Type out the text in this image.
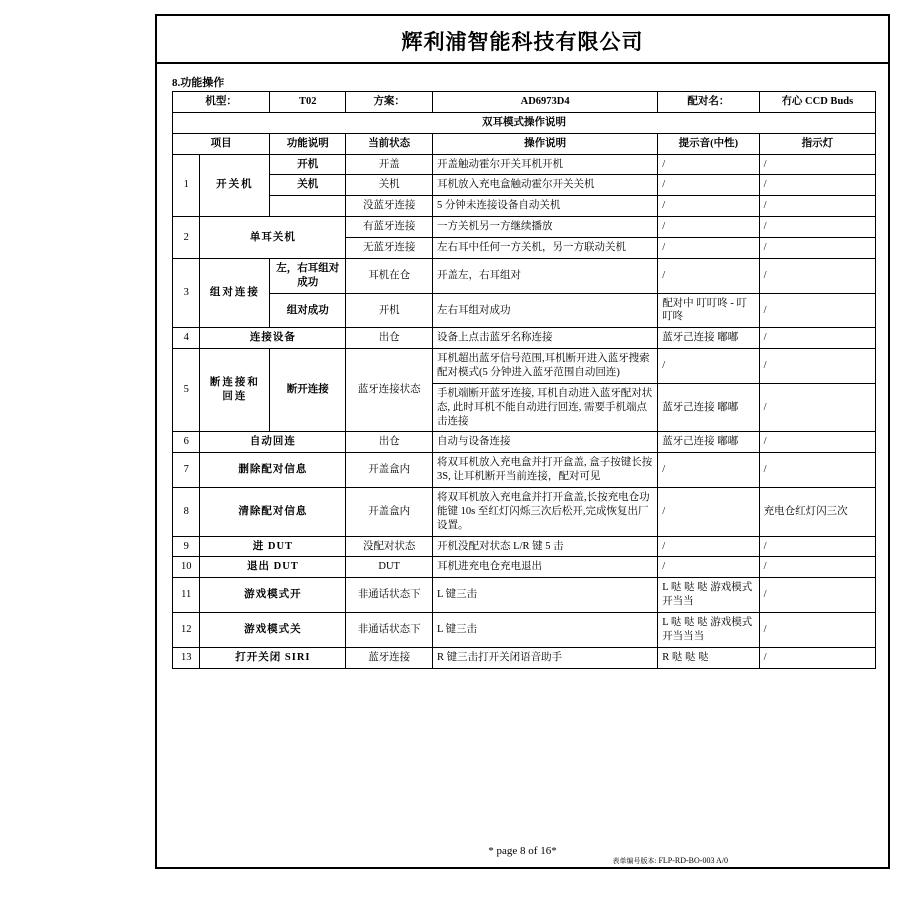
辉利浦智能科技有限公司
8.功能操作
机型：		T02	方案：	AD6973D4	配对名：	冇心 CCD Buds
双耳模式操作说明						
项目		功能说明	当前状态	操作说明	提示音(中性)	指示灯
1	开关机	开机	开盖	开盖触动霍尔开关耳机开机	/	/
		关机	关机	耳机放入充电盒触动霍尔开关关机	/	/
			没蓝牙连接	5 分钟未连接设备自动关机	/	/
2	单耳关机		有蓝牙连接	一方关机另一方继续播放	/	/
			无蓝牙连接	左右耳中任何一方关机，另一方联动关机	/	/
3	组对连接	左，右耳组对成功	耳机在仓	开盖左，右耳组对	/	/
		组对成功	开机	左右耳组对成功	配对中 叮叮咚 - 叮叮咚	/
4	连接设备		出仓	设备上点击蓝牙名称连接	蓝牙己连接 嘟嘟	/
5	断连接和回连	断开连接	蓝牙连接状态	耳机超出蓝牙信号范围,耳机断开进入蓝牙搜索配对模式(5 分钟进入蓝牙范围自动回连)	/	/
				手机端断开蓝牙连接, 耳机自动进入蓝牙配对状态, 此时耳机不能自动进行回连, 需要手机端点击连接	蓝牙己连接 嘟嘟	/
6	自动回连		出仓	自动与设备连接	蓝牙己连接 嘟嘟	/
7	删除配对信息		开盖盒内	将双耳机放入充电盒并打开盒盖, 盒子按键长按 3S, 让耳机断开当前连接，配对可见	/	/
8	清除配对信息		开盖盒内	将双耳机放入充电盒并打开盒盖,长按充电仓功能键 10s 至红灯闪烁三次后松开,完成恢复出厂设置。	/	充电仓红灯闪三次
9	进 DUT		没配对状态	开机没配对状态 L/R 键 5 击	/	/
10	退出 DUT		DUT	耳机进充电仓充电退出	/	/
11	游戏模式开		非通话状态下	L 键三击	L 哒 哒 哒 游戏模式开当当	/
12	游戏模式关		非通话状态下	L 键三击	L 哒 哒 哒 游戏模式开当当当	/
13	打开关闭 SIRI		蓝牙连接	R 键三击打开关闭语音助手	R 哒 哒 哒	/
* page 8 of 16*
表单编号版本: FLP-RD-BO-003 A/0
